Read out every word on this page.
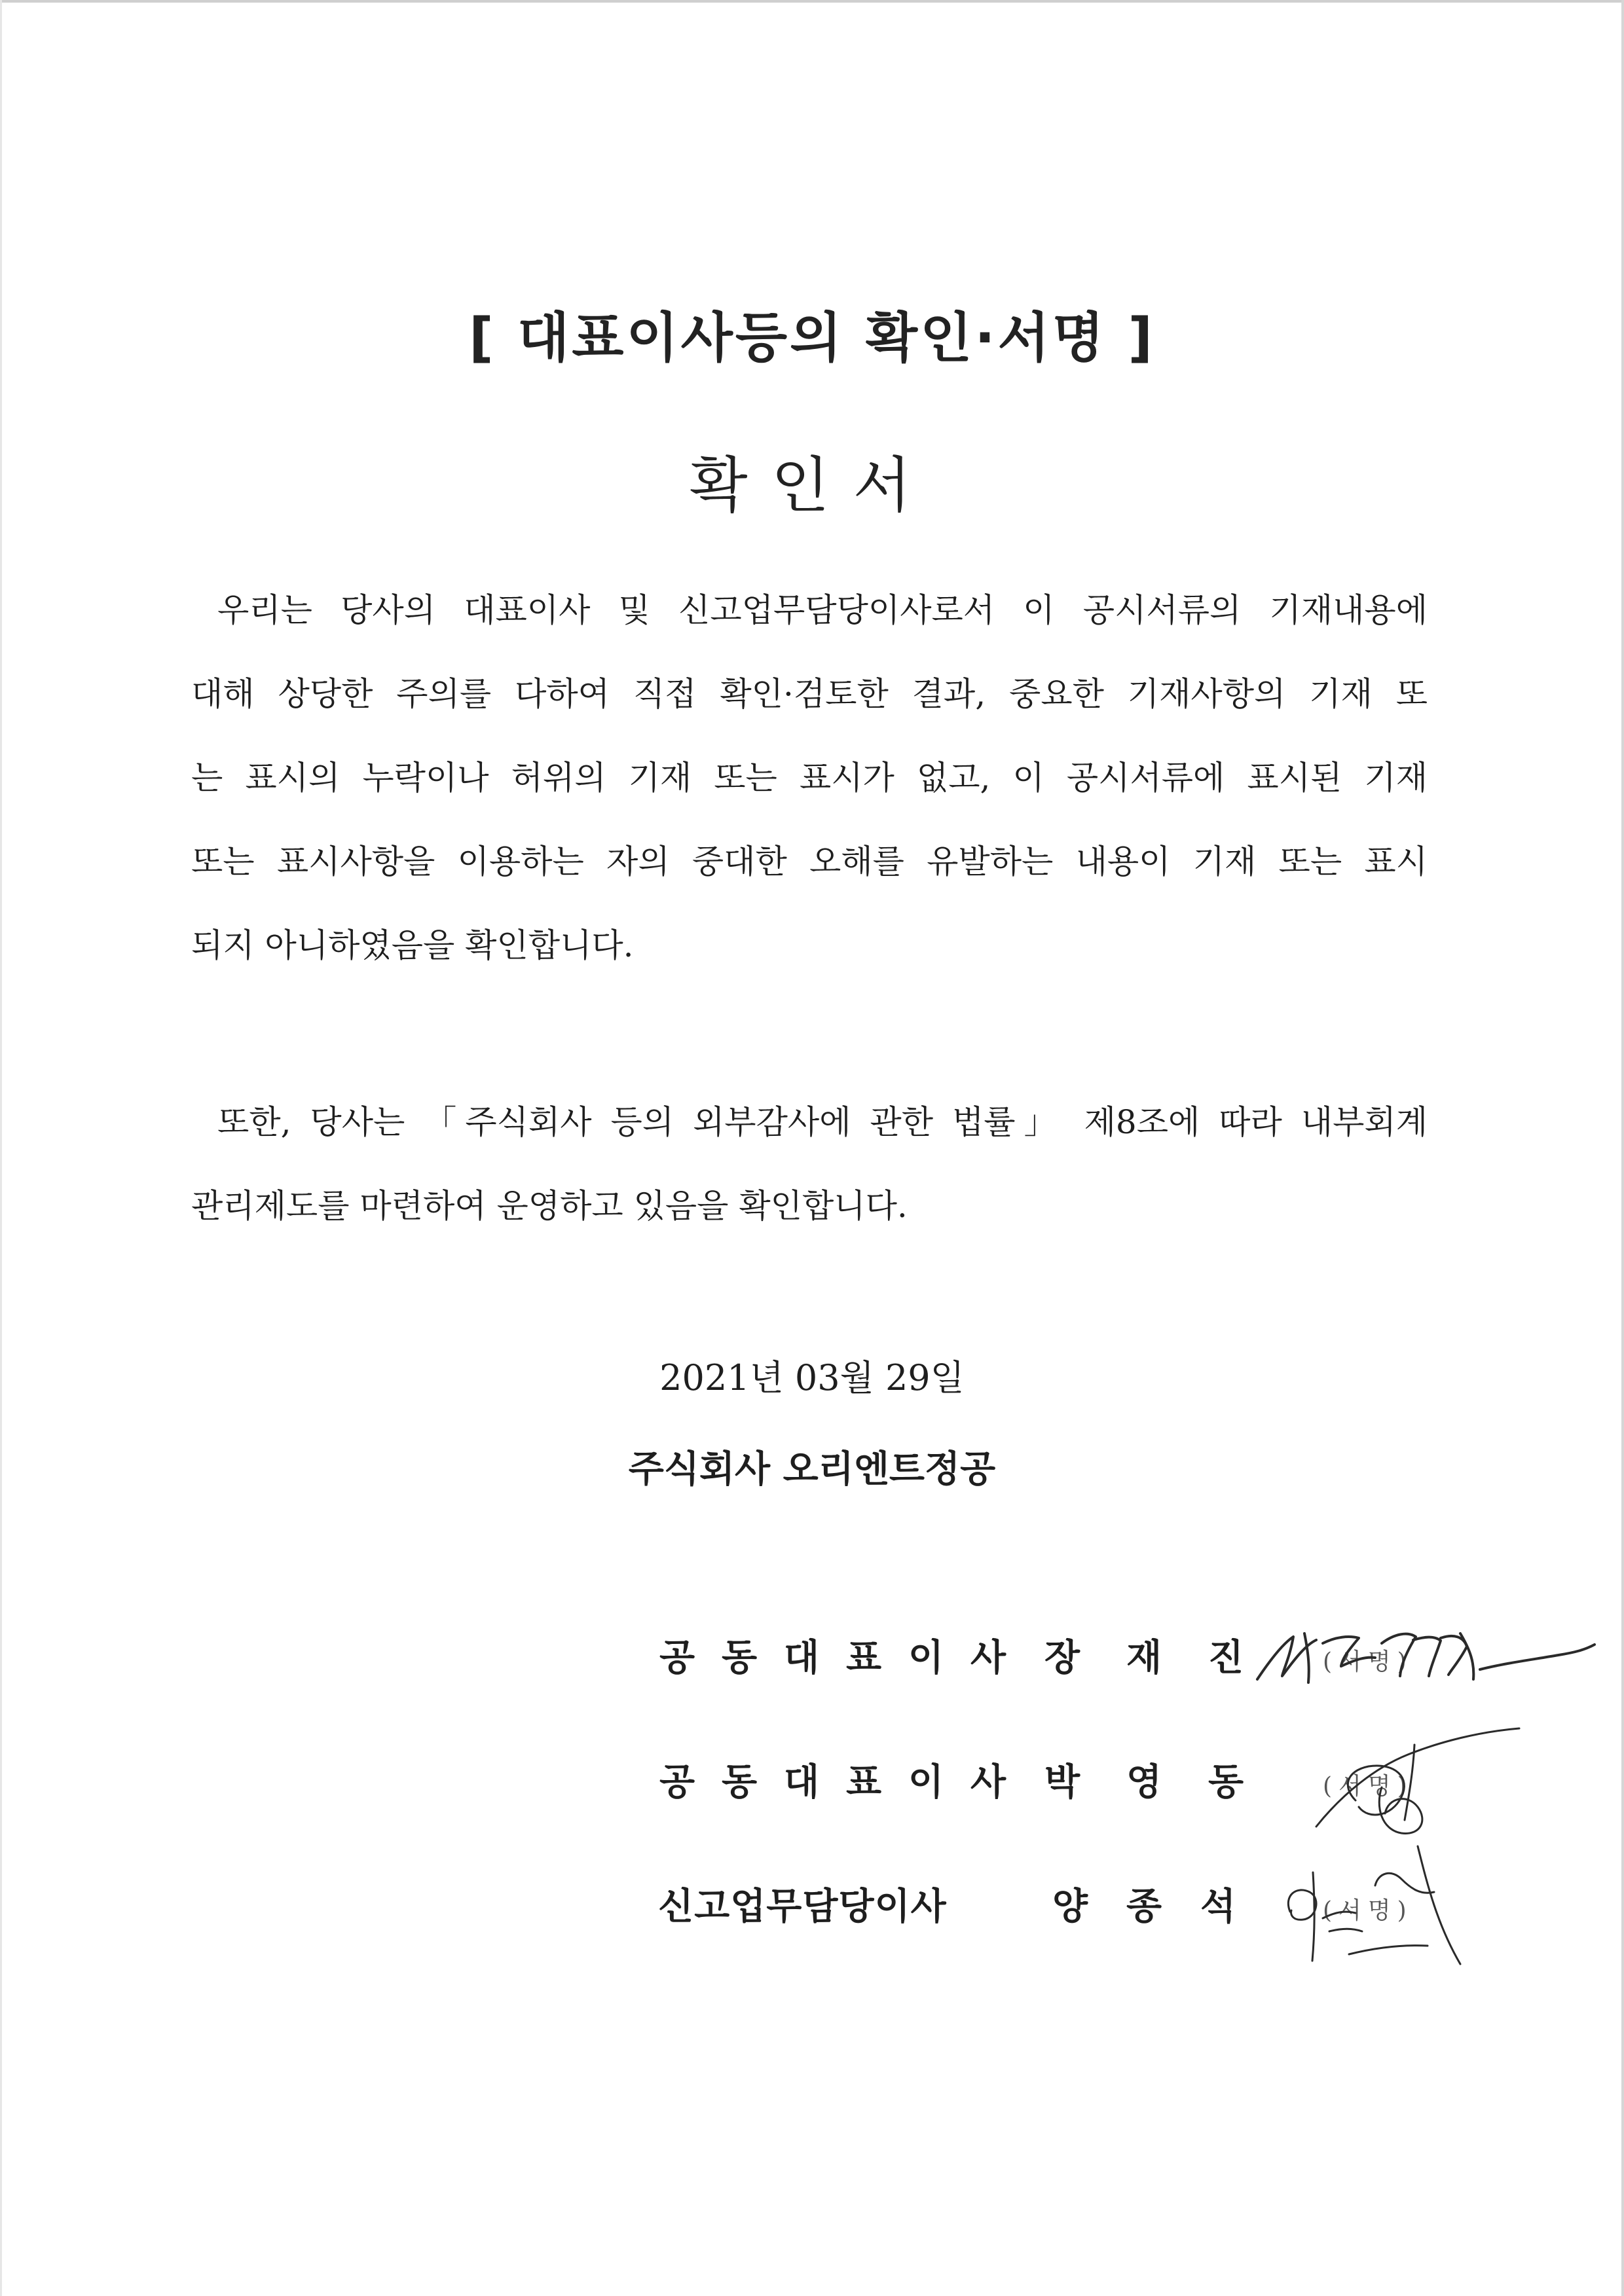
[ 대표이사등의 확인·서명 ]
확인서
우리는 당사의 대표이사 및 신고업무담당이사로서 이 공시서류의 기재내용에
대해 상당한 주의를 다하여 직접 확인·검토한 결과, 중요한 기재사항의 기재 또
는 표시의 누락이나 허위의 기재 또는 표시가 없고, 이 공시서류에 표시된 기재
또는 표시사항을 이용하는 자의 중대한 오해를 유발하는 내용이 기재 또는 표시
되지 아니하였음을 확인합니다.
또한, 당사는 「주식회사 등의 외부감사에 관한 법률」 제8조에 따라 내부회계
관리제도를 마련하여 운영하고 있음을 확인합니다.
2021년 03월 29일
주식회사 오리엔트정공
공 동 대 표 이 사 장 재 진	(서명)
공 동 대 표 이 사 박 영 동	(서명)
신고업무담당이사	양 종 석	(서명)
